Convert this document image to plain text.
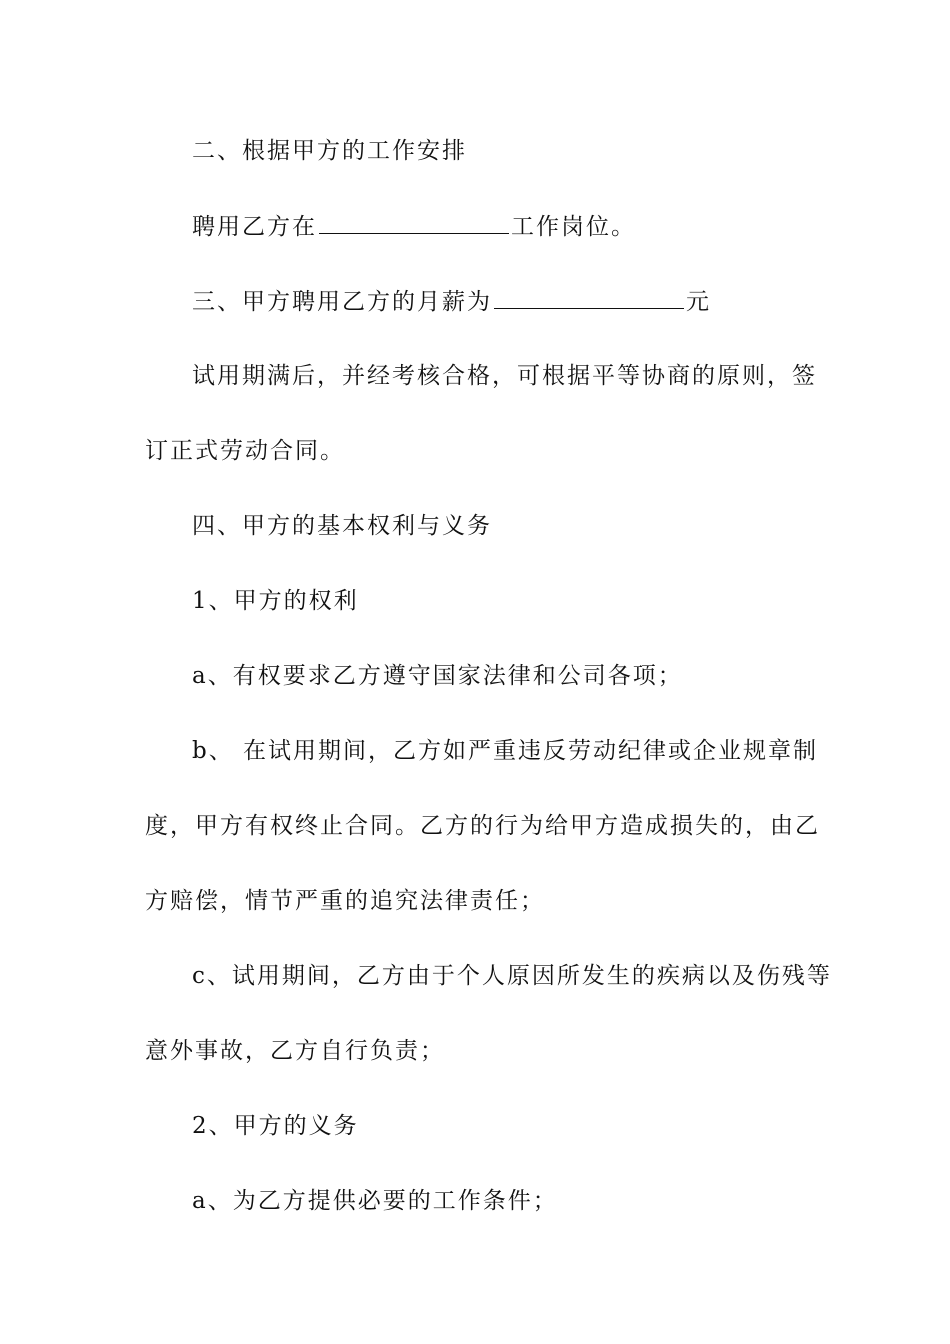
二、根据甲方的工作安排
聘用乙方在	工作岗位。
三、甲方聘用乙方的月薪为	元
试用期满后，并经考核合格，可根据平等协商的原则，签
订正式劳动合同。
四、甲方的基本权利与义务
1、甲方的权利
a、有权要求乙方遵守国家法律和公司各项；
b、 在试用期间，乙方如严重违反劳动纪律或企业规章制
度，甲方有权终止合同。乙方的行为给甲方造成损失的，由乙
方赔偿，情节严重的追究法律责任；
c、试用期间，乙方由于个人原因所发生的疾病以及伤残等
意外事故，乙方自行负责；
2、甲方的义务
a、为乙方提供必要的工作条件；
